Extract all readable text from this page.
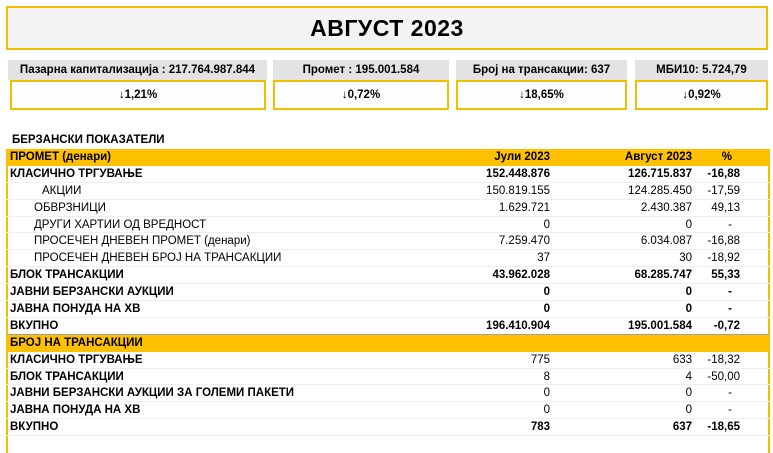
АВГУСТ 2023
Пазарна капитализација : 217.764.987.844
↓1,21%
Промет : 195.001.584
↓0,72%
Број на трансакции: 637
↓18,65%
МБИ10: 5.724,79
↓0,92%
БЕРЗАНСКИ ПОКАЗАТЕЛИ
ПРОМЕТ (денари)	Јули 2023	Август 2023	%
КЛАСИЧНО ТРГУВАЊЕ	152.448.876	126.715.837 -16,88
АКЦИИ	150.819.155	124.285.450 -17,59
ОБВРЗНИЦИ	1.629.721	2.430.387 49,13
ДРУГИ ХАРТИИ ОД ВРЕДНОСТ	0	0	-
ПРОСЕЧЕН ДНЕВЕН ПРОМЕТ (денари)	7.259.470	6.034.087 -16,88
ПРОСЕЧЕН ДНЕВЕН БРОЈ НА ТРАНСАКЦИИ	37	30 -18,92
БЛОК ТРАНСАКЦИИ	43.962.028	68.285.747 55,33
ЈАВНИ БЕРЗАНСКИ АУКЦИИ	0	0	-
ЈАВНА ПОНУДА НА ХВ	0	0	-
ВКУПНО	196.410.904	195.001.584 -0,72
БРОЈ НА ТРАНСАКЦИИ
КЛАСИЧНО ТРГУВАЊЕ	775	633 -18,32
БЛОК ТРАНСАКЦИИ	8	4 -50,00
ЈАВНИ БЕРЗАНСКИ АУКЦИИ ЗА ГОЛЕМИ ПАКЕТИ	0	0	-
ЈАВНА ПОНУДА НА ХВ	0	0	-
ВКУПНО	783	637 -18,65
